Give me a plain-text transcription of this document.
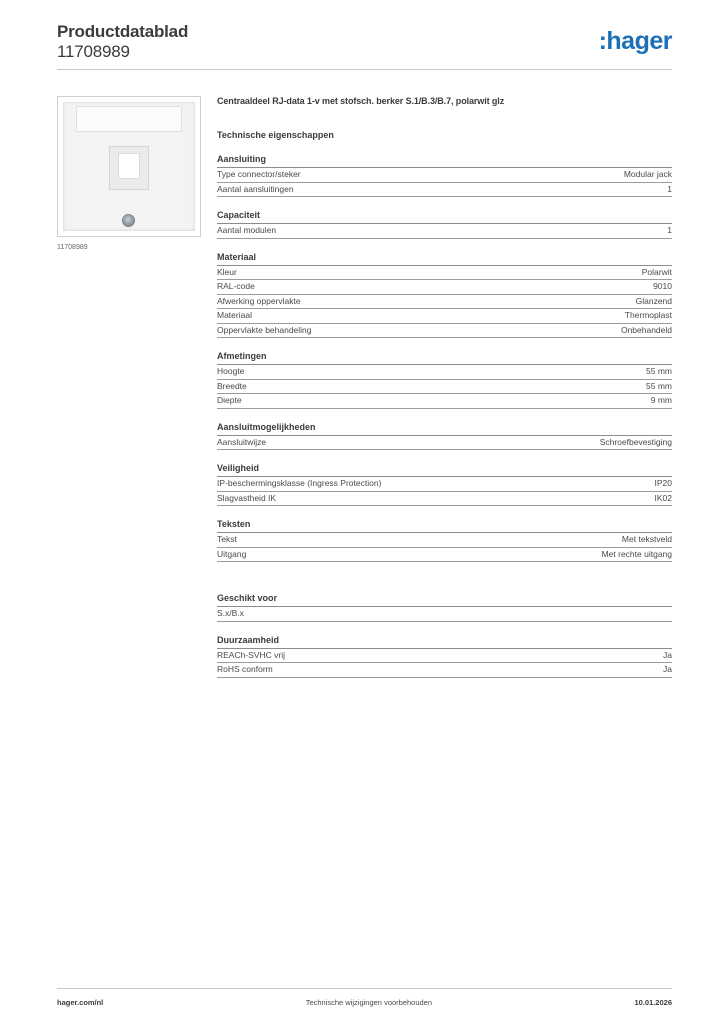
Productdatablad
11708989	:hager
11708989
Centraaldeel RJ-data 1-v met stofsch. berker S.1/B.3/B.7, polarwit glz
Technische eigenschappen
Aansluiting
Type connector/steker	Modular jack
Aantal aansluitingen	1
Capaciteit
Aantal modulen	1
Materiaal
Kleur	Polarwit
RAL-code	9010
Afwerking oppervlakte	Glanzend
Materiaal	Thermoplast
Oppervlakte behandeling	Onbehandeld
Afmetingen
Hoogte	55 mm
Breedte	55 mm
Diepte	9 mm
Aansluitmogelijkheden
Aansluitwijze	Schroefbevestiging
Veiligheid
IP-beschermingsklasse (Ingress Protection)	IP20
Slagvastheid IK	IK02
Teksten
Tekst	Met tekstveld
Uitgang	Met rechte uitgang
Geschikt voor
S.x/B.x
Duurzaamheid
REACh-SVHC vrij	Ja
RoHS conform	Ja
hager.com/nl	Technische wijzigingen voorbehouden	10.01.2026
